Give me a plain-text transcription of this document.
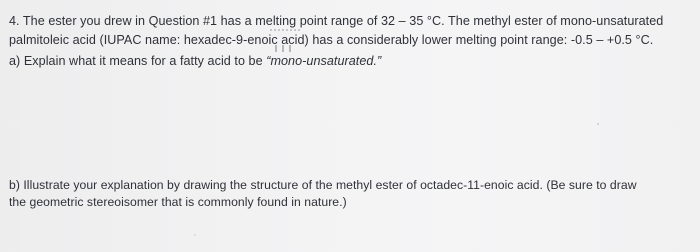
4. The ester you drew in Question #1 has a melting point range of 32 – 35 °C. The methyl ester of mono-unsaturated
palmitoleic acid (IUPAC name: hexadec-9-enoic acid) has a considerably lower melting point range: -0.5 – +0.5 °C.
a) Explain what it means for a fatty acid to be “mono-unsaturated.”
b) Illustrate your explanation by drawing the structure of the methyl ester of octadec-11-enoic acid. (Be sure to draw
the geometric stereoisomer that is commonly found in nature.)
